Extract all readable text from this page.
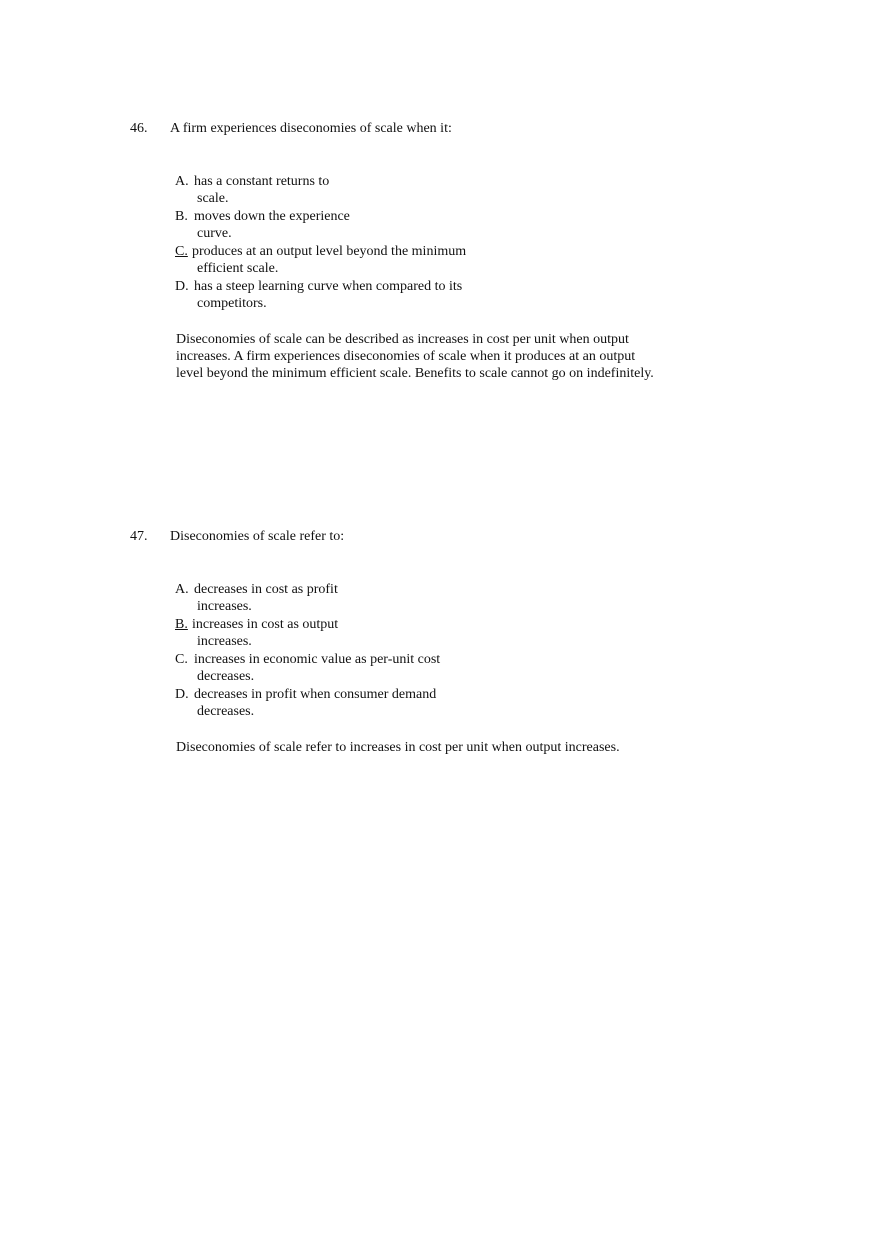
46. A firm experiences diseconomies of scale when it:
A. has a constant returns to
scale.
B. moves down the experience
curve.
C. produces at an output level beyond the minimum
efficient scale.
D. has a steep learning curve when compared to its
competitors.

Diseconomies of scale can be described as increases in cost per unit when output increases. A firm experiences diseconomies of scale when it produces at an output level beyond the minimum efficient scale. Benefits to scale cannot go on indefinitely.

47. Diseconomies of scale refer to:
A. decreases in cost as profit
increases.
B. increases in cost as output
increases.
C. increases in economic value as per-unit cost
decreases.
D. decreases in profit when consumer demand
decreases.

Diseconomies of scale refer to increases in cost per unit when output increases.
